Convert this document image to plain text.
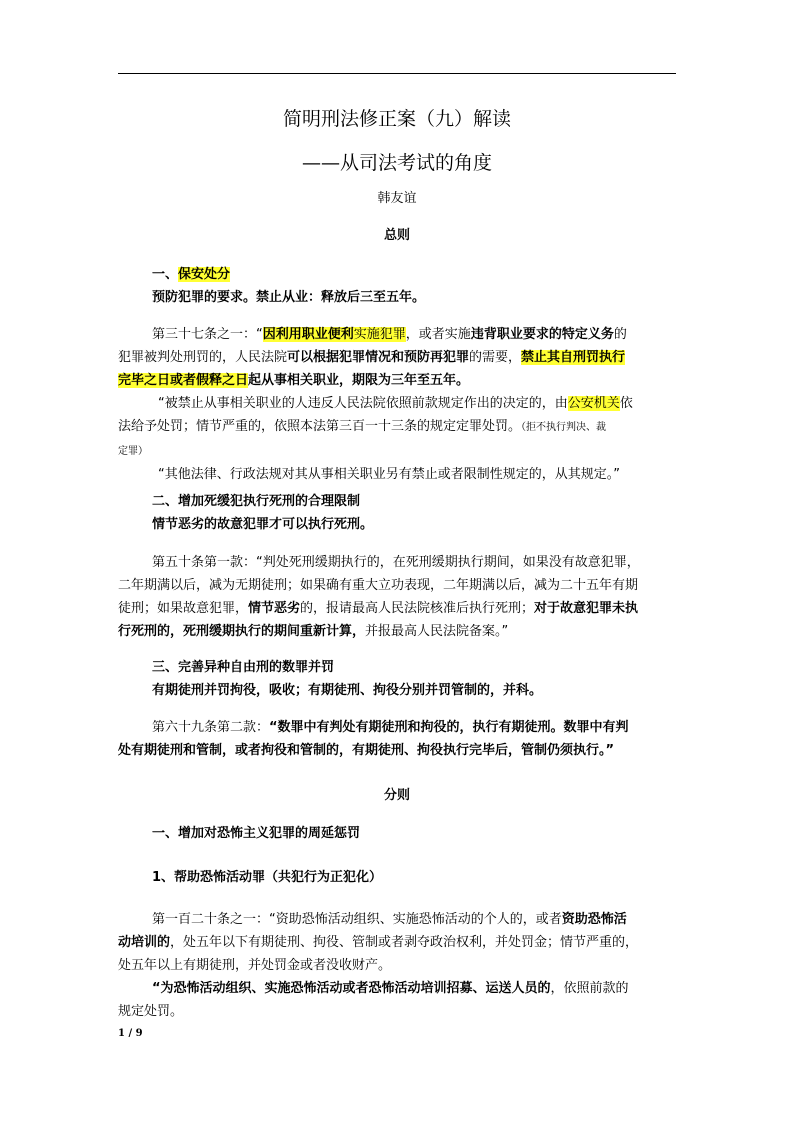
简明刑法修正案（九）解读
——从司法考试的角度
韩友谊
总则
一、保安处分
预防犯罪的要求。禁止从业：释放后三至五年。
第三十七条之一：“因利用职业便利实施犯罪，或者实施违背职业要求的特定义务的
犯罪被判处刑罚的，人民法院可以根据犯罪情况和预防再犯罪的需要，禁止其自刑罚执行
完毕之日或者假释之日起从事相关职业，期限为三年至五年。
“被禁止从事相关职业的人违反人民法院依照前款规定作出的决定的，由公安机关依
法给予处罚；情节严重的，依照本法第三百一十三条的规定定罪处罚。（拒不执行判决、裁
定罪）
“其他法律、行政法规对其从事相关职业另有禁止或者限制性规定的，从其规定。”
二、增加死缓犯执行死刑的合理限制
情节恶劣的故意犯罪才可以执行死刑。
第五十条第一款：“判处死刑缓期执行的，在死刑缓期执行期间，如果没有故意犯罪，
二年期满以后，减为无期徒刑；如果确有重大立功表现，二年期满以后，减为二十五年有期
徒刑；如果故意犯罪，情节恶劣的，报请最高人民法院核准后执行死刑；对于故意犯罪未执
行死刑的，死刑缓期执行的期间重新计算，并报最高人民法院备案。”
三、完善异种自由刑的数罪并罚
有期徒刑并罚拘役，吸收；有期徒刑、拘役分别并罚管制的，并科。
第六十九条第二款：“数罪中有判处有期徒刑和拘役的，执行有期徒刑。数罪中有判
处有期徒刑和管制，或者拘役和管制的，有期徒刑、拘役执行完毕后，管制仍须执行。”
分则
一、增加对恐怖主义犯罪的周延惩罚
1、帮助恐怖活动罪（共犯行为正犯化）
第一百二十条之一：“资助恐怖活动组织、实施恐怖活动的个人的，或者资助恐怖活
动培训的，处五年以下有期徒刑、拘役、管制或者剥夺政治权利，并处罚金；情节严重的，
处五年以上有期徒刑，并处罚金或者没收财产。
“为恐怖活动组织、实施恐怖活动或者恐怖活动培训招募、运送人员的，依照前款的
规定处罚。
1 / 9
